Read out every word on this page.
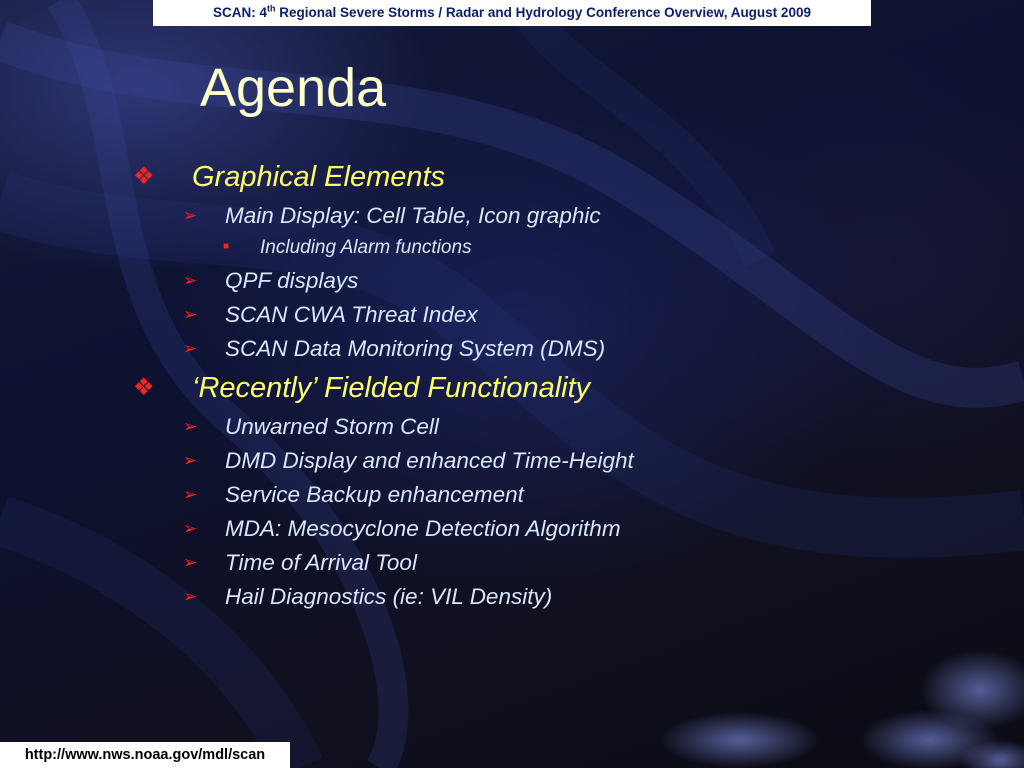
SCAN: 4th Regional Severe Storms / Radar and Hydrology Conference Overview, August 2009
Agenda
❖ Graphical Elements
➢ Main Display: Cell Table, Icon graphic
■ Including Alarm functions
➢ QPF displays
➢ SCAN CWA Threat Index
➢ SCAN Data Monitoring System (DMS)
❖ ‘Recently’ Fielded Functionality
➢ Unwarned Storm Cell
➢ DMD Display and enhanced Time-Height
➢ Service Backup enhancement
➢ MDA: Mesocyclone Detection Algorithm
➢ Time of Arrival Tool
➢ Hail Diagnostics (ie: VIL Density)
http://www.nws.noaa.gov/mdl/scan
